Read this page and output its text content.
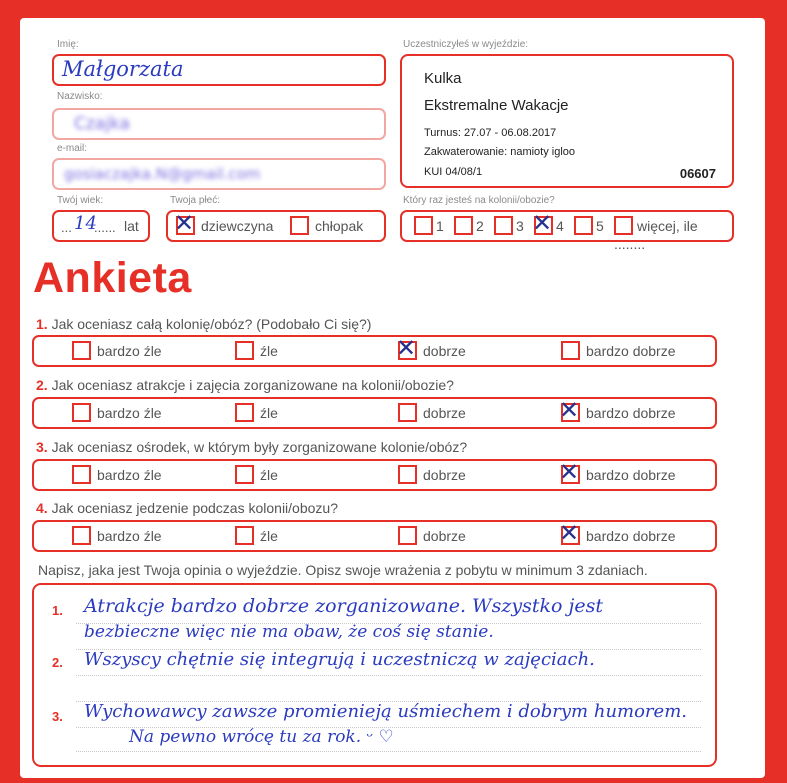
Imię:
Małgorzata
Nazwisko:
Czajka
e-mail:
gosiaczajka.N@gmail.com
Twój wiek:
... 14
...... lat
Twoja płeć:
✕ dziewczyna	chłopak
Uczestniczyłeś w wyjeździe:
Kulka
Ekstremalne Wakacje
Turnus: 27.07 - 06.08.2017
Zakwaterowanie: namioty igloo
KUI 04/08/1	06607
Który raz jesteś na kolonii/obozie?
1	2	3 ✕ 4	5	więcej, ile ........
Ankieta
1. Jak oceniasz całą kolonię/obóz? (Podobało Ci się?)
bardzo źle	źle	✕ dobrze	bardzo dobrze
2. Jak oceniasz atrakcje i zajęcia zorganizowane na kolonii/obozie?
bardzo źle	źle	dobrze	✕ bardzo dobrze
3. Jak oceniasz ośrodek, w którym były zorganizowane kolonie/obóz?
bardzo źle	źle	dobrze	✕ bardzo dobrze
4. Jak oceniasz jedzenie podczas kolonii/obozu?
bardzo źle	źle	dobrze	✕ bardzo dobrze
Napisz, jaka jest Twoja opinia o wyjeździe. Opisz swoje wrażenia z pobytu w minimum 3 zdaniach.
1.
2.
3.
Atrakcje bardzo dobrze zorganizowane. Wszystko jest
bezbieczne więc nie ma obaw, że coś się stanie.
Wszyscy chętnie się integrują i uczestniczą w zajęciach.
Wychowawcy zawsze promienieją uśmiechem i dobrym humorem.
Na pewno wrócę tu za rok. ᵕ ♡
